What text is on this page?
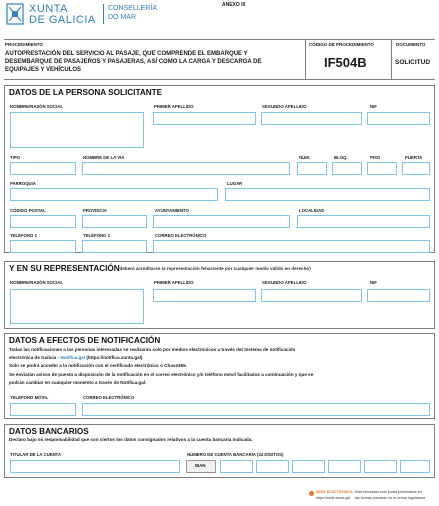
XUNTA
DE GALICIA
CONSELLERÍA
DO MAR
ANEXO III
PROCEDIMIENTO
AUTOPRESTACIÓN DEL SERVICIO AL PASAJE, QUE COMPRENDE EL EMBARQUE Y
DESEMBARQUE DE PASAJEROS Y PASAJERAS, ASÍ COMO LA CARGA Y DESCARGA DE
EQUIPAJES Y VEHÍCULOS
CÓDIGO DE PROCEDIMIENTO
IF504B
DOCUMENTO
SOLICITUD
DATOS DE LA PERSONA SOLICITANTE
NOMBRE/RAZÓN SOCIAL	PRIMER APELLIDO	SEGUNDO APELLIDO	NIF
TIPO	NOMBRE DE LA VÍA	NÚM.	BLOQ.	PISO	PUERTA
PARROQUIA	LUGAR
CÓDIGO POSTAL	PROVINCIA	AYUNTAMIENTO	LOCALIDAD
TELÉFONO 1	TELÉFONO 2	CORREO ELECTRÓNICO
Y EN SU REPRESENTACIÓN
(deberá acreditarse la representación fehaciente por cualquier medio válido en derecho)
NOMBRE/RAZÓN SOCIAL	PRIMER APELLIDO	SEGUNDO APELLIDO	NIF
DATOS A EFECTOS DE NOTIFICACIÓN
Todas las notificaciones a las personas interesadas se realizarán solo por medios electrónicos a través del Sistema de notificación
electrónica de Galicia - Notifica.gal (https://notifica.xunta.gal)
Solo se podrá acceder a la notificación con el certificado electrónico o Chave365.
Se enviarán avisos de puesta a disposición de la notificación en el correo electrónico y/o teléfono móvil facilitados a continuación y que se
podrán cambiar en cualquier momento a través de Notifica.gal:
TELÉFONO MÓVIL	CORREO ELECTRÓNICO
DATOS BANCARIOS
Declaro bajo mi responsabilidad que son ciertos los datos consignados relativos a la cuenta bancaria indicada.
TITULAR DE LA CUENTA	NÚMERO DE CUENTA BANCARIA (24 DÍGITOS)
IBAN
SEDE ELECTRÓNICA: Este formulario solo podrá presentarse en
https://sede.xunta.gal las formas previstas en la norma reguladora
